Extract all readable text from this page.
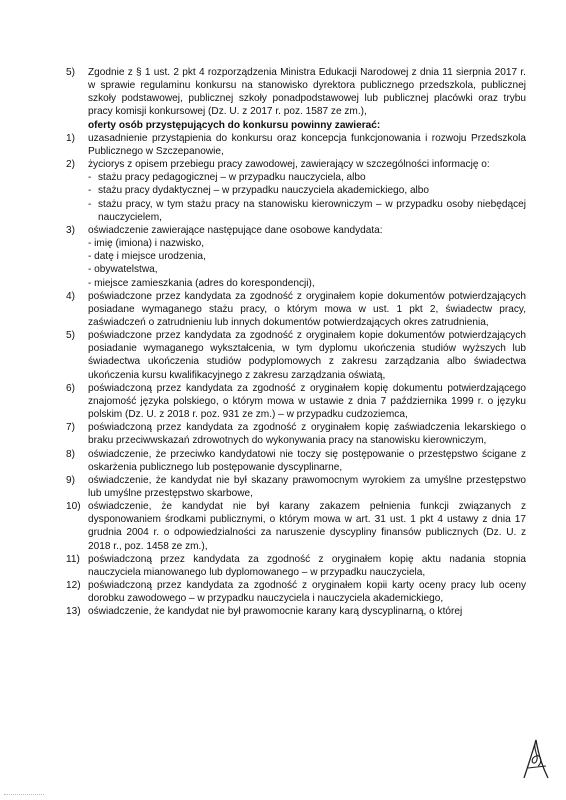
5)	Zgodnie z § 1 ust. 2 pkt 4 rozporządzenia Ministra Edukacji Narodowej z dnia 11 sierpnia 2017 r. w sprawie regulaminu konkursu na stanowisko dyrektora publicznego przedszkola, publicznej szkoły podstawowej, publicznej szkoły ponadpodstawowej lub publicznej placówki oraz trybu pracy komisji konkursowej (Dz. U. z 2017 r. poz. 1587 ze zm.),
oferty osób przystępujących do konkursu powinny zawierać:
1)	uzasadnienie przystąpienia do konkursu oraz koncepcja funkcjonowania i rozwoju Przedszkola Publicznego w Szczepanowie,
2)	życiorys z opisem przebiegu pracy zawodowej, zawierający w szczególności informację o:
- stażu pracy pedagogicznej – w przypadku nauczyciela, albo
- stażu pracy dydaktycznej – w przypadku nauczyciela akademickiego, albo
- stażu pracy, w tym stażu pracy na stanowisku kierowniczym – w przypadku osoby niebędącej nauczycielem,
3)	oświadczenie zawierające następujące dane osobowe kandydata:
- imię (imiona) i nazwisko,
- datę i miejsce urodzenia,
- obywatelstwa,
- miejsce zamieszkania (adres do korespondencji),
4)	poświadczone przez kandydata za zgodność z oryginałem kopie dokumentów potwierdzających posiadane wymaganego stażu pracy, o którym mowa w ust. 1 pkt 2, świadectw pracy, zaświadczeń o zatrudnieniu lub innych dokumentów potwierdzających okres zatrudnienia,
5)	poświadczone przez kandydata za zgodność z oryginałem kopie dokumentów potwierdzających posiadanie wymaganego wykształcenia, w tym dyplomu ukończenia studiów wyższych lub świadectwa ukończenia studiów podyplomowych z zakresu zarządzania albo świadectwa ukończenia kursu kwalifikacyjnego z zakresu zarządzania oświatą,
6)	poświadczoną przez kandydata za zgodność z oryginałem kopię dokumentu potwierdzającego znajomość języka polskiego, o którym mowa w ustawie z dnia 7 października 1999 r. o języku polskim (Dz. U. z 2018 r. poz. 931 ze zm.) – w przypadku cudzoziemca,
7)	poświadczoną przez kandydata za zgodność z oryginałem kopię zaświadczenia lekarskiego o braku przeciwwskazań zdrowotnych do wykonywania pracy na stanowisku kierowniczym,
8)	oświadczenie, że przeciwko kandydatowi nie toczy się postępowanie o przestępstwo ścigane z oskarżenia publicznego lub postępowanie dyscyplinarne,
9)	oświadczenie, że kandydat nie był skazany prawomocnym wyrokiem za umyślne przestępstwo lub umyślne przestępstwo skarbowe,
10) oświadczenie, że kandydat nie był karany zakazem pełnienia funkcji związanych z dysponowaniem środkami publicznymi, o którym mowa w art. 31 ust. 1 pkt 4 ustawy z dnia 17 grudnia 2004 r. o odpowiedzialności za naruszenie dyscypliny finansów publicznych (Dz. U. z 2018 r., poz. 1458 ze zm.),
11) poświadczoną przez kandydata za zgodność z oryginałem kopię aktu nadania stopnia nauczyciela mianowanego lub dyplomowanego – w przypadku nauczyciela,
12) poświadczoną przez kandydata za zgodność z oryginałem kopii karty oceny pracy lub oceny dorobku zawodowego – w przypadku nauczyciela i nauczyciela akademickiego,
13) oświadczenie, że kandydat nie był prawomocnie karany karą dyscyplinarną, o której
